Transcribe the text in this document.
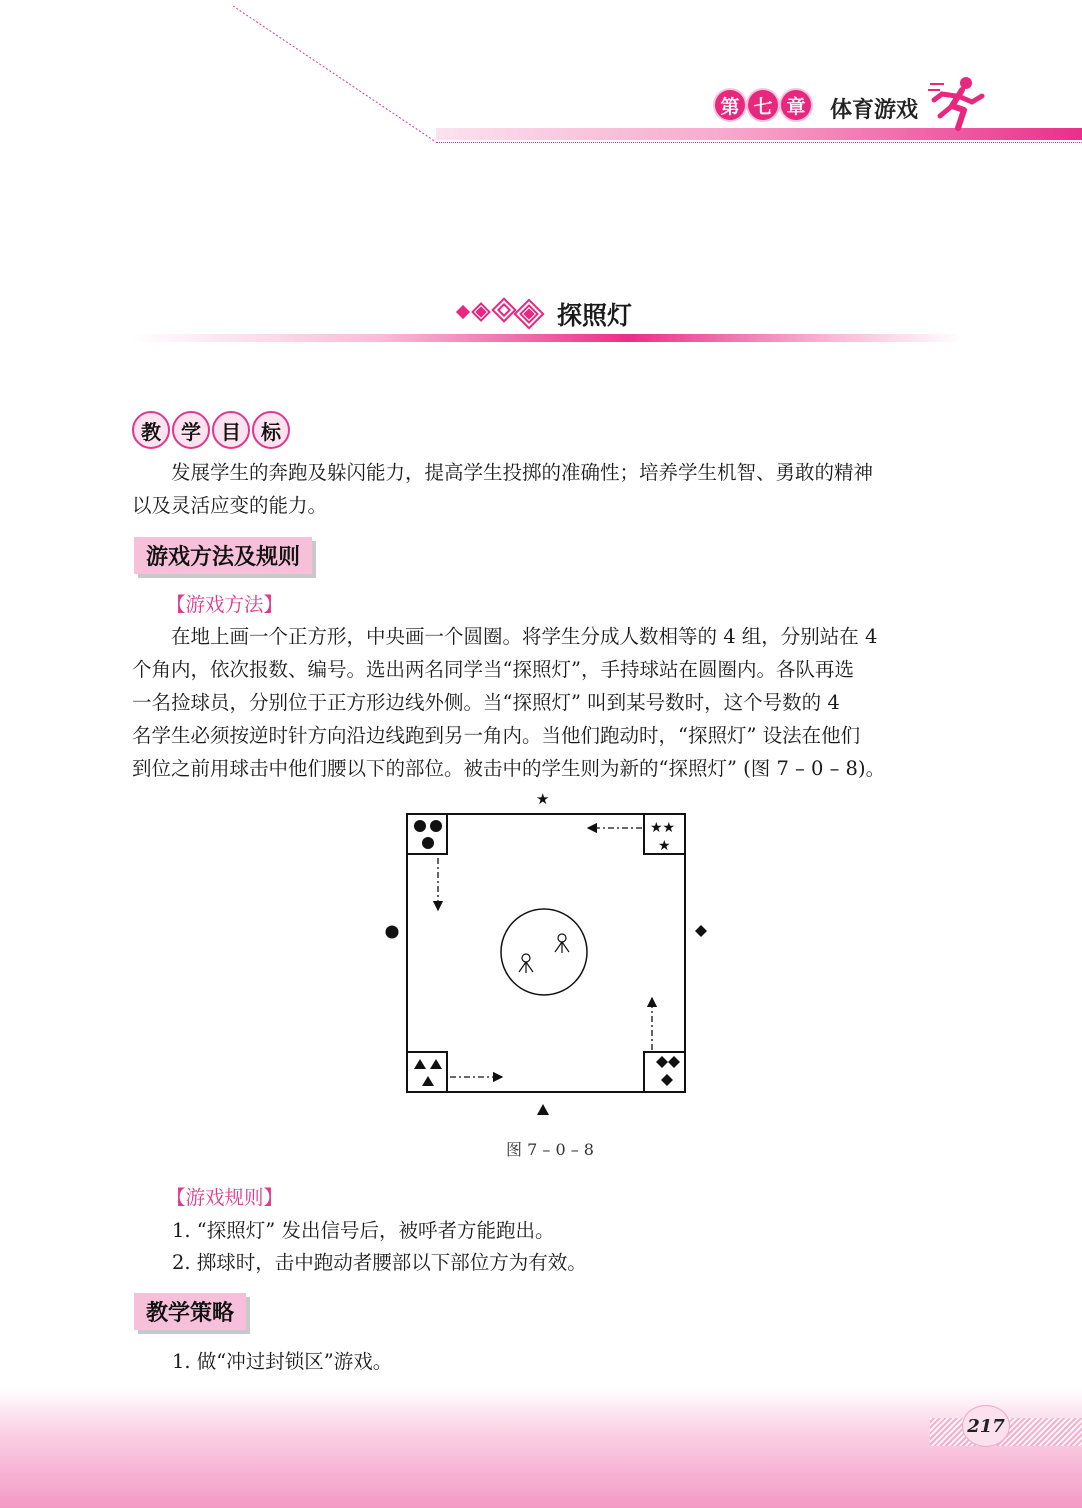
第 七 章 体育游戏
探照灯
教	学	目	标
发展学生的奔跑及躲闪能力，提高学生投掷的准确性；培养学生机智、勇敢的精神
以及灵活应变的能力。
游戏方法及规则
【游戏方法】
在地上画一个正方形，中央画一个圆圈。将学生分成人数相等的 4 组，分别站在 4
个角内，依次报数、编号。选出两名同学当“探照灯”，手持球站在圆圈内。各队再选
一名捡球员，分别位于正方形边线外侧。当“探照灯” 叫到某号数时，这个号数的 4
名学生必须按逆时针方向沿边线跑到另一角内。当他们跑动时，“探照灯” 设法在他们
到位之前用球击中他们腰以下的部位。被击中的学生则为新的“探照灯” (图 7 – 0 – 8)。
★★
★
★
图 7 – 0 – 8
【游戏规则】
1. “探照灯” 发出信号后，被呼者方能跑出。
2. 掷球时，击中跑动者腰部以下部位方为有效。
教学策略
1. 做“冲过封锁区”游戏。
217
